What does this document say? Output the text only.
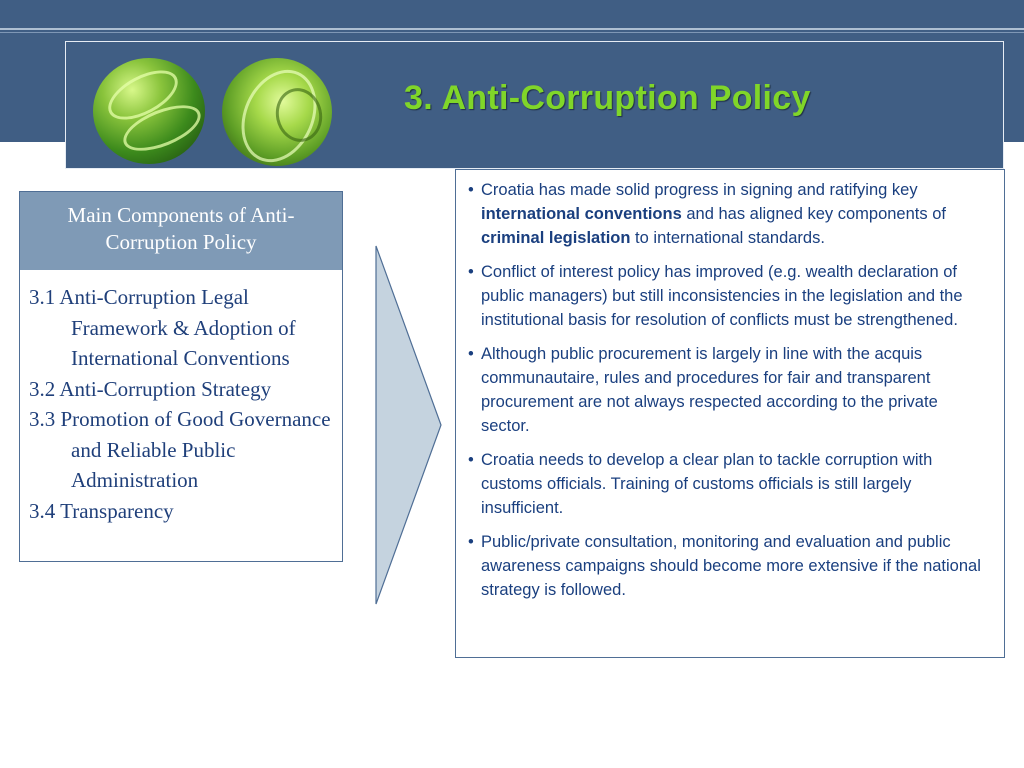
3. Anti-Corruption Policy
Main Components of Anti-Corruption Policy
3.1 Anti-Corruption Legal Framework & Adoption of International Conventions
3.2 Anti-Corruption Strategy
3.3 Promotion of Good Governance and Reliable Public Administration
3.4 Transparency
• Croatia has made solid progress in signing and ratifying key international conventions and has aligned key components of criminal legislation to international standards.
• Conflict of interest policy has improved (e.g. wealth declaration of public managers) but still inconsistencies in the legislation and the institutional basis for resolution of conflicts must be strengthened.
• Although public procurement is largely in line with the acquis communautaire, rules and procedures for fair and transparent procurement are not always respected according to the private sector.
• Croatia needs to develop a clear plan to tackle corruption with customs officials. Training of customs officials is still largely insufficient.
• Public/private consultation, monitoring and evaluation and public awareness campaigns should become more extensive if the national strategy is followed.
